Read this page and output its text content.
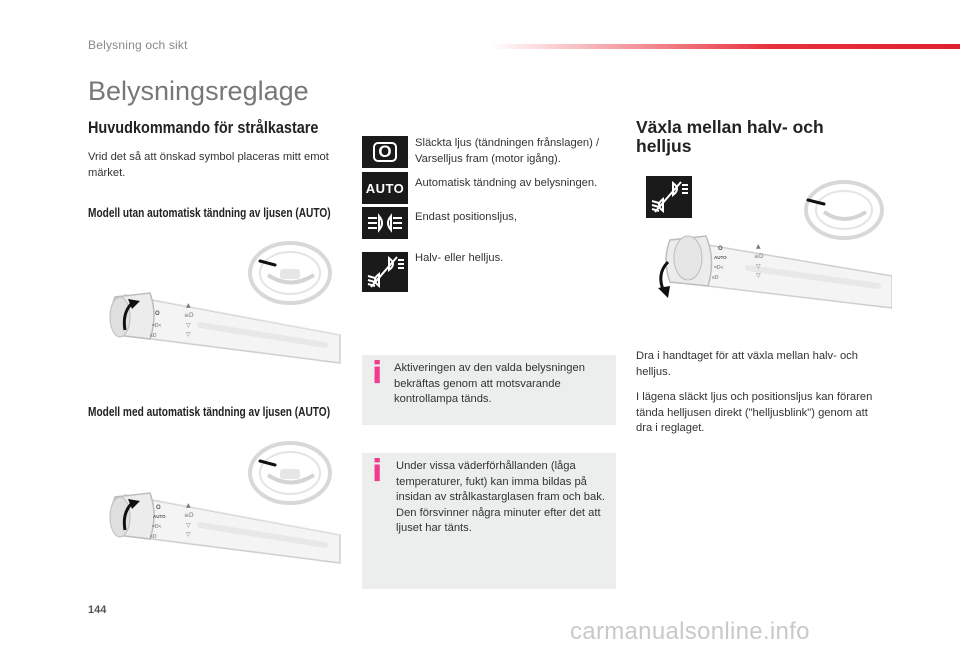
Belysning och sikt
Belysningsreglage
Huvudkommando för strålkastare
Vrid det så att önskad symbol placeras mitt emot märket.
Modell utan automatisk tändning av ljusen (AUTO)
O
=D<
≡D
▲
≡D
▽
▽
Modell med automatisk tändning av ljusen (AUTO)
O
AUTO
=D<
≡D
▲
≡D
▽
▽
O	Släckta ljus (tändningen frånslagen) / Varselljus fram (motor igång).
AUTO Automatisk tändning av belysningen.
Endast positionsljus,
Halv- eller helljus.
i Aktiveringen av den valda belysningen bekräftas genom att motsvarande kontrollampa tänds.
i Under vissa väderförhållanden (låga temperaturer, fukt) kan imma bildas på insidan av strålkastarglasen fram och bak. Den försvinner några minuter efter det att ljuset har tänts.
Växla mellan halv- och helljus
O
AUTO
=D<
≡D
▲
≡D
▽
▽
Dra i handtaget för att växla mellan halv- och helljus.
I lägena släckt ljus och positionsljus kan föraren tända helljusen direkt ("helljusblink") genom att dra i reglaget.
144
carmanualsonline.info
